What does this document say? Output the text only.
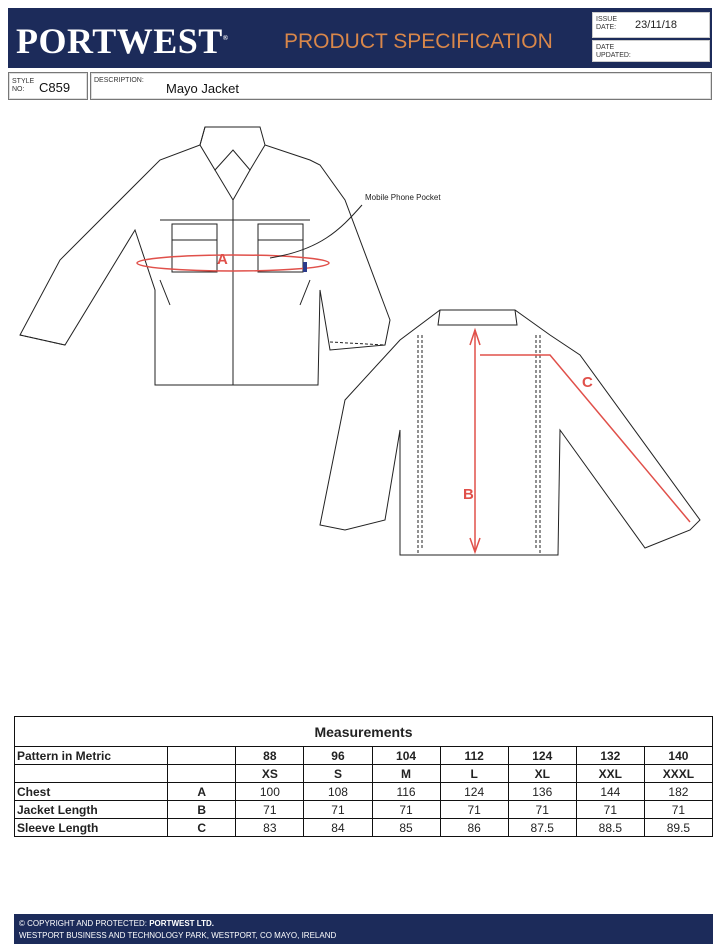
PORTWEST®	PRODUCT SPECIFICATION
ISSUE
DATE: 23/11/18
DATE
UPDATED:
STYLE
NO:	C859	DESCRIPTION:
Mayo Jacket
Mobile Phone Pocket
A
B
C
Measurements								
Pattern in Metric		88	96	104	112	124	132	140
		XS	S	M	L	XL	XXL	XXXL
Chest	A	100	108	116	124	136	144	182
Jacket Length	B	71	71	71	71	71	71	71
Sleeve Length	C	83	84	85	86	87.5	88.5	89.5
© COPYRIGHT AND PROTECTED: PORTWEST LTD.
WESTPORT BUSINESS AND TECHNOLOGY PARK, WESTPORT, CO MAYO, IRELAND
